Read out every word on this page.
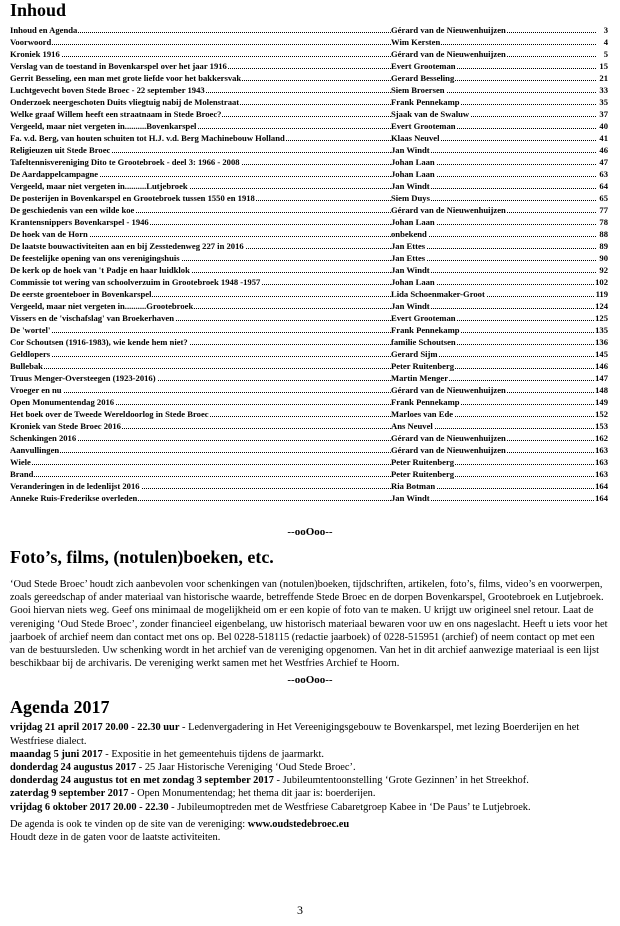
Inhoud
Inhoud en Agenda	Gérard van de Nieuwenhuijzen	3
Voorwoord	Wim Kersten	4
Kroniek 1916	Gérard van de Nieuwenhuijzen	5
Verslag van de toestand in Bovenkarspel over het jaar 1916	Evert Grooteman	15
Gerrit Besseling, een man met grote liefde voor het bakkersvak	Gerard Besseling	21
Luchtgevecht boven Stede Broec - 22 september 1943	Siem Broersen	33
Onderzoek neergeschoten Duits vliegtuig nabij de Molenstraat	Frank Pennekamp	35
Welke graaf Willem heeft een straatnaam in Stede Broec?	Sjaak van de Swaluw	37
Vergeeld, maar niet vergeten in..........Bovenkarspel	Evert Grooteman	40
Fa. v.d. Berg, van houten schuiten tot H.J. v.d. Berg Machinebouw Holland	Klaas Neuvel	41
Religieuzen uit Stede Broec	Jan Windt	46
Tafeltennisvereniging Dito te Grootebroek - deel 3: 1966 - 2008	Johan Laan	47
De Aardappelcampagne	Johan Laan	63
Vergeeld, maar niet vergeten in..........Lutjebroek	Jan Windt	64
De posterijen in Bovenkarspel en Grootebroek tussen 1550 en 1918	Siem Duys	65
De geschiedenis van een wilde koe	Gérard van de Nieuwenhuijzen	77
Krantensnippers Bovenkarspel - 1946	Johan Laan	78
De hoek van de Horn	onbekend	88
De laatste bouwactiviteiten aan en bij Zesstedenweg 227 in 2016	Jan Ettes	89
De feestelijke opening van ons verenigingshuis	Jan Ettes	90
De kerk op de hoek van 't Padje en haar luidklok	Jan Windt	92
Commissie tot wering van schoolverzuim in Grootebroek 1948 -1957	Johan Laan	102
De eerste groenteboer in Bovenkarspel	Lida Schoenmaker-Groot	119
Vergeeld, maar niet vergeten in..........Grootebroek	Jan Windt	124
Vissers en de 'vischafslag' van Broekerhaven	Evert Grooteman	125
De 'wortel'	Frank Pennekamp	135
Cor Schoutsen (1916-1983), wie kende hem niet?	familie Schoutsen	136
Geldlopers	Gerard Sijm	145
Bullebak	Peter Ruitenberg	146
Truus Menger-Oversteegen (1923-2016)	Martin Menger	147
Vroeger en nu	Gérard van de Nieuwenhuijzen	148
Open Monumentendag 2016	Frank Pennekamp	149
Het boek over de Tweede Wereldoorlog in Stede Broec	Marloes van Ede	152
Kroniek van Stede Broec 2016	Ans Neuvel	153
Schenkingen 2016	Gérard van de Nieuwenhuijzen	162
Aanvullingen	Gérard van de Nieuwenhuijzen	163
Wiele	Peter Ruitenberg	163
Brand	Peter Ruitenberg	163
Veranderingen in de ledenlijst 2016	Ria Botman	164
Anneke Ruis-Frederikse overleden	Jan Windt	164
--ooOoo--
Foto’s, films, (notulen)boeken, etc.

‘Oud Stede Broec’ houdt zich aanbevolen voor schenkingen van (notulen)boeken, tijdschriften, artikelen, foto’s, films, video’s en voorwerpen, zoals gereedschap of ander materiaal van historische waarde, betreffende Stede Broec en de dorpen Bovenkarspel, Grootebroek en Lutjebroek. Gooi hiervan niets weg. Geef ons minimaal de mogelijkheid om er een kopie of foto van te maken. U krijgt uw origineel snel retour. Laat de vereniging ‘Oud Stede Broec’, zonder financieel eigenbelang, uw historisch materiaal bewaren voor uw en ons nageslacht. Heeft u iets voor het jaarboek of archief neem dan contact met ons op. Bel 0228-518115 (redactie jaarboek) of 0228-515951 (archief) of neem contact op met een van de bestuursleden. Uw schenking wordt in het archief van de vereniging opgenomen. Van het in dit archief aanwezige materiaal is een lijst beschikbaar bij de archivaris. De vereniging werkt samen met het Westfries Archief te Hoorn.

--ooOoo--
Agenda 2017

vrijdag 21 april 2017 20.00 - 22.30 uur - Ledenvergadering in Het Vereenigingsgebouw te Bovenkarspel, met lezing Boerderijen en het Westfriese dialect.

maandag 5 juni 2017 - Expositie in het gemeentehuis tijdens de jaarmarkt.

donderdag 24 augustus 2017 - 25 Jaar Historische Vereniging ‘Oud Stede Broec’.

donderdag 24 augustus tot en met zondag 3 september 2017 - Jubileumtentoonstelling ‘Grote Gezinnen’ in het Streekhof.

zaterdag 9 september 2017 - Open Monumentendag; het thema dit jaar is: boerderijen.

vrijdag 6 oktober 2017 20.00 - 22.30 - Jubileumoptreden met de Westfriese Cabaretgroep Kabee in ‘De Paus’ te Lutjebroek.

De agenda is ook te vinden op de site van de vereniging: www.oudstedebroec.eu

Houdt deze in de gaten voor de laatste activiteiten.

3
